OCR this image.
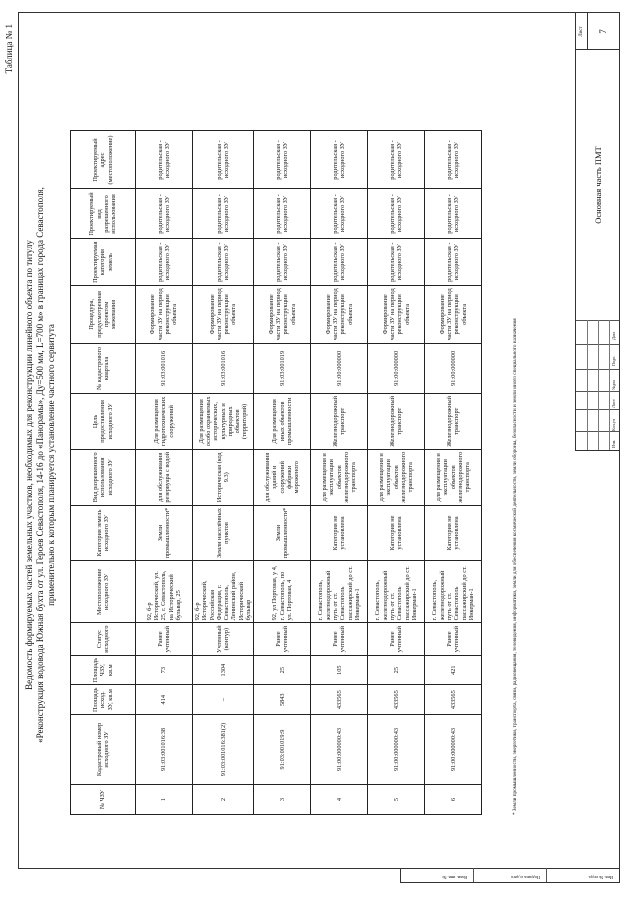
Таблица № 1
Ведомость формируемых частей земельных участков, необходимых для реконструкции линейного объекта по титулу «Реконструкция водовода Южная бухта от ул. Героев Севастополя, 14-16 до «Панорамы», Ду=500 мм, L=700 м» в границах города Севастополя, применительно к которым планируется установление частного сервитута
№ ЧЗУ	Кадастровый номер исходного ЗУ	Площадь исход. ЗУ, кв.м	Площадь ЧЗУ, кв.м	Статус исходного	Местоположение исходного ЗУ	Категория земель исходного ЗУ	Вид разрешенного использования исходного ЗУ	Цель предоставления исходного ЗУ	№ кадастрового квартала	Процедура, предусмотренная проектом межевания	Проектируемая категория земель	Проектируемый вид разрешенного использования	Проектируемый адрес (местоположение)
1	91:03:001016:38	414	73	Ранее учтенный	92, б-р Исторический, ул. 25, г. Севастополь, на Исторический бульвар, 25	Земли промышленности*	для обслуживания резервуара с водой	Для размещения гидротехнических сооружений	91:03:001016	Формирование части ЗУ на период реконструкции объекта	родительская - исходного ЗУ	родительская - исходного ЗУ	родительская - исходного ЗУ
2	91:03:001016:381(2)	–	1304	Учтенный (контур)	92, б-р Исторический, Российская Федерация, г. Севастополь, Ленинский район, Исторический бульвар	Земли населённых пунктов	Историческая (код 9.3)	Для размещения особо охраняемых исторических, культурных и природных объектов (территорий)	91:03:001016	Формирование части ЗУ на период реконструкции объекта	родительская - исходного ЗУ	родительская - исходного ЗУ	родительская - исходного ЗУ
3	91:03:001019:9	5843	25	Ранее учтенный	92, ул Портовая, у 4, г. Севастополь, по ул. Портовая, 4	Земли промышленности*	для обслуживания зданий и сооружений фабрики мороженого	Для размещения иных объектов промышленности	91:03:001019	Формирование части ЗУ на период реконструкции объекта	родительская - исходного ЗУ	родительская - исходного ЗУ	родительская - исходного ЗУ
4	91:00:000000:43	433565	105	Ранее учтенный	г. Севастополь, железнодорожный путь от ст. Севастополь пассажирский до ст. Инкерман-1	Категория не установлена	для размещения и эксплуатации объектов железнодорожного транспорта	Железнодорожный транспорт	91:00:000000	Формирование части ЗУ на период реконструкции объекта	родительская - исходного ЗУ	родительская - исходного ЗУ	родительская - исходного ЗУ
5	91:00:000000:43	433565	25	Ранее учтенный	г. Севастополь, железнодорожный путь от ст. Севастополь пассажирский до ст. Инкерман-1	Категория не установлена	для размещения и эксплуатации объектов железнодорожного транспорта	Железнодорожный транспорт	91:00:000000	Формирование части ЗУ на период реконструкции объекта	родительская - исходного ЗУ	родительская - исходного ЗУ	родительская - исходного ЗУ
6	91:00:000000:43	433565	421	Ранее учтенный	г. Севастополь, железнодорожный путь от ст. Севастополь пассажирский до ст. Инкерман-1	Категория не установлена	для размещения и эксплуатации объектов железнодорожного транспорта	Железнодорожный транспорт	91:00:000000	Формирование части ЗУ на период реконструкции объекта	родительская - исходного ЗУ	родительская - исходного ЗУ	родительская - исходного ЗУ
* Земли промышленности, энергетики, транспорта, связи, радиовещания, телевидения, информатики, земли для обеспечения космической деятельности, земли обороны, безопасности и земли иного специального назначения
Взам. инв. №	Подпись и дата	Инв. № подл.
Изм.
Кол.уч
Лист
№док
Подп.
Дата
Основная часть ПМТ
Лист	7
